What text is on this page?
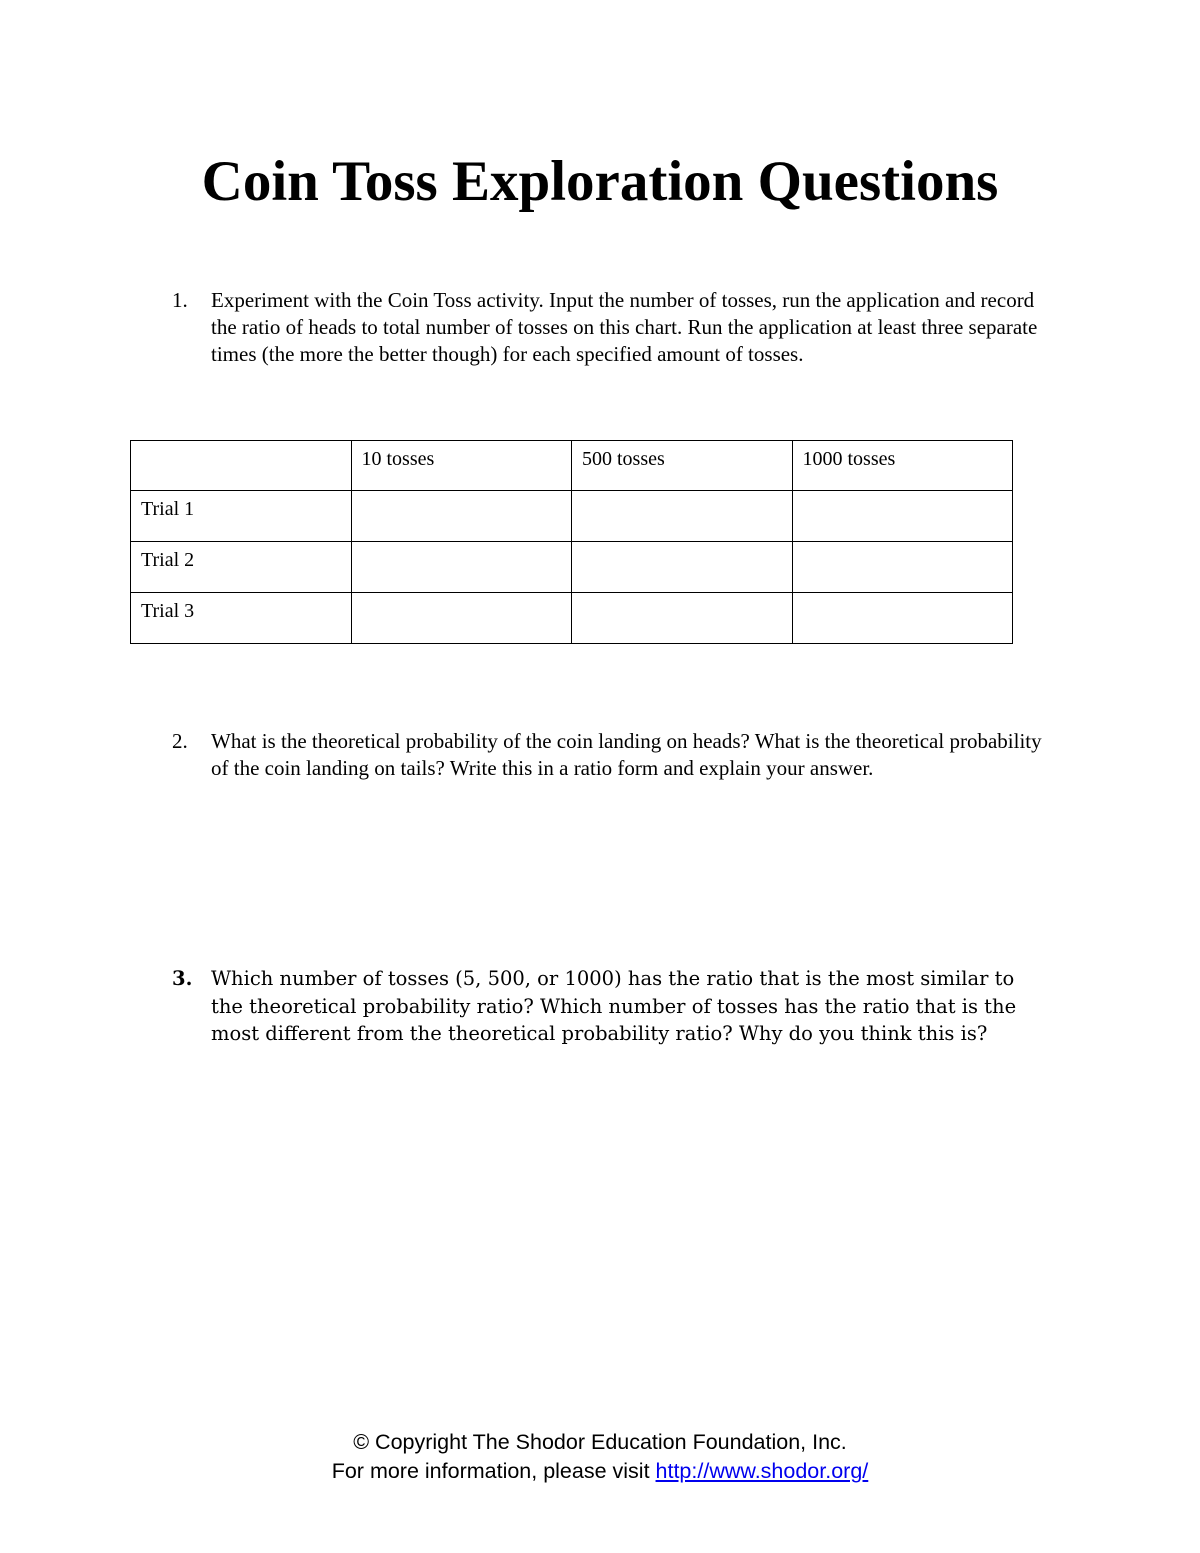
Coin Toss Exploration Questions
1.	Experiment with the Coin Toss activity. Input the number of tosses, run the application and record the ratio of heads to total number of tosses on this chart. Run the application at least three separate times (the more the better though) for each specified amount of tosses.
	10 tosses	500 tosses	1000 tosses
Trial 1			
Trial 2			
Trial 3			
2.	What is the theoretical probability of the coin landing on heads? What is the theoretical probability of the coin landing on tails? Write this in a ratio form and explain your answer.
3. Which number of tosses (5, 500, or 1000) has the ratio that is the most similar to the theoretical probability ratio? Which number of tosses has the ratio that is the most different from the theoretical probability ratio? Why do you think this is?
© Copyright The Shodor Education Foundation, Inc.
For more information, please visit http://www.shodor.org/
